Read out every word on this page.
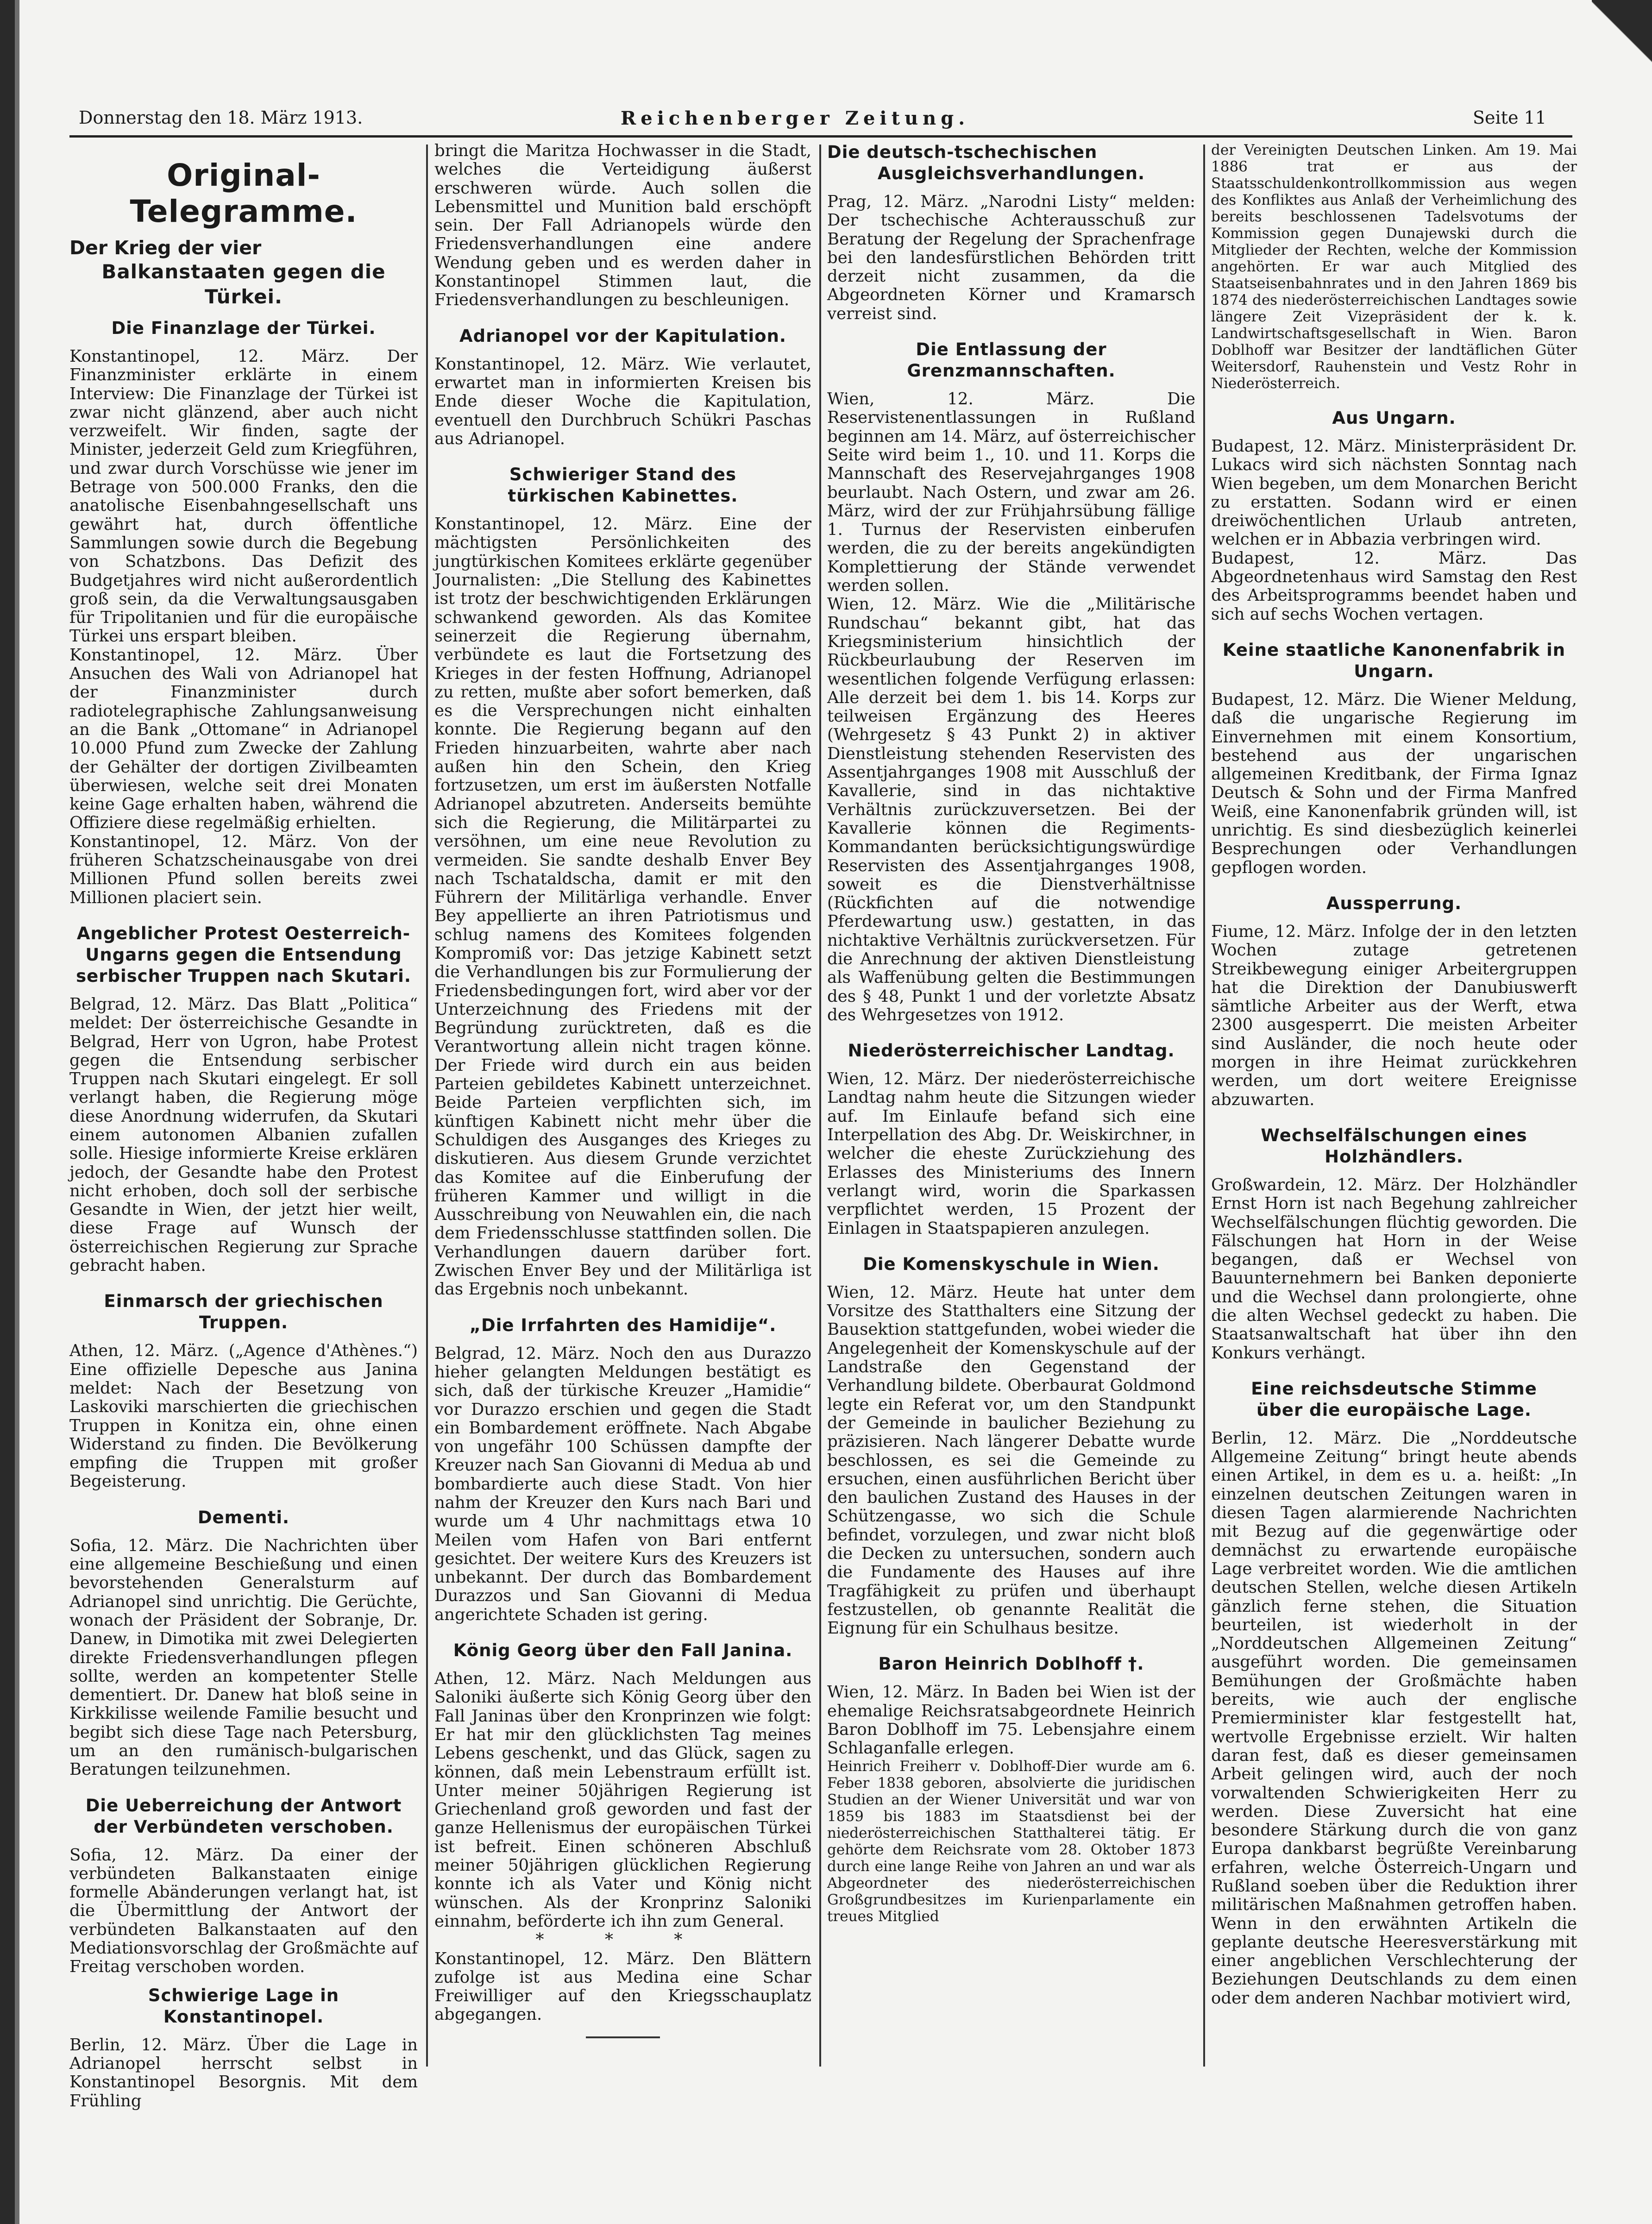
Donnerstag den 18. März 1913.	Reichenberger Zeitung.	Seite 11

Original-Telegramme.

Der Krieg der vier

Balkanstaaten gegen die Türkei.

Die Finanzlage der Türkei.

Konstantinopel, 12. März. Der Finanzminister erklärte in einem Interview: Die Finanzlage der Türkei ist zwar nicht glänzend, aber auch nicht verzweifelt. Wir finden, sagte der Minister, jederzeit Geld zum Kriegführen, und zwar durch Vorschüsse wie jener im Betrage von 500.000 Franks, den die anatolische Eisenbahngesellschaft uns gewährt hat, durch öffentliche Sammlungen sowie durch die Begebung von Schatzbons. Das Defizit des Budgetjahres wird nicht außerordentlich groß sein, da die Verwaltungsausgaben für Tripolitanien und für die europäische Türkei uns erspart bleiben.

Konstantinopel, 12. März. Über Ansuchen des Wali von Adrianopel hat der Finanzminister durch radiotelegraphische Zahlungsanweisung an die Bank „Ottomane“ in Adrianopel 10.000 Pfund zum Zwecke der Zahlung der Gehälter der dortigen Zivilbeamten überwiesen, welche seit drei Monaten keine Gage erhalten haben, während die Offiziere diese regelmäßig erhielten.

Konstantinopel, 12. März. Von der früheren Schatzscheinausgabe von drei Millionen Pfund sollen bereits zwei Millionen placiert sein.

Angeblicher Protest Oesterreich-Ungarns gegen die Entsendung serbischer Truppen nach Skutari.

Belgrad, 12. März. Das Blatt „Politica“ meldet: Der österreichische Gesandte in Belgrad, Herr von Ugron, habe Protest gegen die Entsendung serbischer Truppen nach Skutari eingelegt. Er soll verlangt haben, die Regierung möge diese Anordnung widerrufen, da Skutari einem autonomen Albanien zufallen solle. Hiesige informierte Kreise erklären jedoch, der Gesandte habe den Protest nicht erhoben, doch soll der serbische Gesandte in Wien, der jetzt hier weilt, diese Frage auf Wunsch der österreichischen Regierung zur Sprache gebracht haben.

Einmarsch der griechischen Truppen.

Athen, 12. März. („Agence d'Athènes.“) Eine offizielle Depesche aus Janina meldet: Nach der Besetzung von Laskoviki marschierten die griechischen Truppen in Konitza ein, ohne einen Widerstand zu finden. Die Bevölkerung empfing die Truppen mit großer Begeisterung.

Dementi.

Sofia, 12. März. Die Nachrichten über eine allgemeine Beschießung und einen bevorstehenden Generalsturm auf Adrianopel sind unrichtig. Die Gerüchte, wonach der Präsident der Sobranje, Dr. Danew, in Dimotika mit zwei Delegierten direkte Friedensverhandlungen pflegen sollte, werden an kompetenter Stelle dementiert. Dr. Danew hat bloß seine in Kirkkilisse weilende Familie besucht und begibt sich diese Tage nach Petersburg, um an den rumänisch-bulgarischen Beratungen teilzunehmen.

Die Ueberreichung der Antwort

der Verbündeten verschoben.

Sofia, 12. März. Da einer der verbündeten Balkanstaaten einige formelle Abänderungen verlangt hat, ist die Übermittlung der Antwort der verbündeten Balkanstaaten auf den Mediationsvorschlag der Großmächte auf Freitag verschoben worden.

Schwierige Lage in Konstantinopel.

Berlin, 12. März. Über die Lage in Adrianopel herrscht selbst in Konstantinopel Besorgnis. Mit dem Frühling

bringt die Maritza Hochwasser in die Stadt, welches die Verteidigung äußerst erschweren würde. Auch sollen die Lebensmittel und Munition bald erschöpft sein. Der Fall Adrianopels würde den Friedensverhandlungen eine andere Wendung geben und es werden daher in Konstantinopel Stimmen laut, die Friedensverhandlungen zu beschleunigen.

Adrianopel vor der Kapitulation.

Konstantinopel, 12. März. Wie verlautet, erwartet man in informierten Kreisen bis Ende dieser Woche die Kapitulation, eventuell den Durchbruch Schükri Paschas aus Adrianopel.

Schwieriger Stand des

türkischen Kabinettes.

Konstantinopel, 12. März. Eine der mächtigsten Persönlichkeiten des jungtürkischen Komitees erklärte gegenüber Journalisten: „Die Stellung des Kabinettes ist trotz der beschwichtigenden Erklärungen schwankend geworden. Als das Komitee seinerzeit die Regierung übernahm, verbündete es laut die Fortsetzung des Krieges in der festen Hoffnung, Adrianopel zu retten, mußte aber sofort bemerken, daß es die Versprechungen nicht einhalten konnte. Die Regierung begann auf den Frieden hinzuarbeiten, wahrte aber nach außen hin den Schein, den Krieg fortzusetzen, um erst im äußersten Notfalle Adrianopel abzutreten. Anderseits bemühte sich die Regierung, die Militärpartei zu versöhnen, um eine neue Revolution zu vermeiden. Sie sandte deshalb Enver Bey nach Tschataldscha, damit er mit den Führern der Militärliga verhandle. Enver Bey appellierte an ihren Patriotismus und schlug namens des Komitees folgenden Kompromiß vor: Das jetzige Kabinett setzt die Verhandlungen bis zur Formulierung der Friedensbedingungen fort, wird aber vor der Unterzeichnung des Friedens mit der Begründung zurücktreten, daß es die Verantwortung allein nicht tragen könne. Der Friede wird durch ein aus beiden Parteien gebildetes Kabinett unterzeichnet. Beide Parteien verpflichten sich, im künftigen Kabinett nicht mehr über die Schuldigen des Ausganges des Krieges zu diskutieren. Aus diesem Grunde verzichtet das Komitee auf die Einberufung der früheren Kammer und willigt in die Ausschreibung von Neuwahlen ein, die nach dem Friedensschlusse stattfinden sollen. Die Verhandlungen dauern darüber fort. Zwischen Enver Bey und der Militärliga ist das Ergebnis noch unbekannt.

„Die Irrfahrten des Hamidije“.

Belgrad, 12. März. Noch den aus Durazzo hieher gelangten Meldungen bestätigt es sich, daß der türkische Kreuzer „Hamidie“ vor Durazzo erschien und gegen die Stadt ein Bombardement eröffnete. Nach Abgabe von ungefähr 100 Schüssen dampfte der Kreuzer nach San Giovanni di Medua ab und bombardierte auch diese Stadt. Von hier nahm der Kreuzer den Kurs nach Bari und wurde um 4 Uhr nachmittags etwa 10 Meilen vom Hafen von Bari entfernt gesichtet. Der weitere Kurs des Kreuzers ist unbekannt. Der durch das Bombardement Durazzos und San Giovanni di Medua angerichtete Schaden ist gering.

König Georg über den Fall Janina.

Athen, 12. März. Nach Meldungen aus Saloniki äußerte sich König Georg über den Fall Janinas über den Kronprinzen wie folgt: Er hat mir den glücklichsten Tag meines Lebens geschenkt, und das Glück, sagen zu können, daß mein Lebenstraum erfüllt ist. Unter meiner 50jährigen Regierung ist Griechenland groß geworden und fast der ganze Hellenismus der europäischen Türkei ist befreit. Einen schöneren Abschluß meiner 50jährigen glücklichen Regierung konnte ich als Vater und König nicht wünschen. Als der Kronprinz Saloniki einnahm, beförderte ich ihn zum General.

* * *

Konstantinopel, 12. März. Den Blättern zufolge ist aus Medina eine Schar Freiwilliger auf den Kriegsschauplatz abgegangen.

Die deutsch-tschechischen

Ausgleichsverhandlungen.

Prag, 12. März. „Narodni Listy“ melden: Der tschechische Achterausschuß zur Beratung der Regelung der Sprachenfrage bei den landesfürstlichen Behörden tritt derzeit nicht zusammen, da die Abgeordneten Körner und Kramarsch verreist sind.

Die Entlassung der Grenzmannschaften.

Wien, 12. März. Die Reservistenentlassungen in Rußland beginnen am 14. März, auf österreichischer Seite wird beim 1., 10. und 11. Korps die Mannschaft des Reservejahrganges 1908 beurlaubt. Nach Ostern, und zwar am 26. März, wird der zur Frühjahrsübung fällige 1. Turnus der Reservisten einberufen werden, die zu der bereits angekündigten Komplettierung der Stände verwendet werden sollen.

Wien, 12. März. Wie die „Militärische Rundschau“ bekannt gibt, hat das Kriegsministerium hinsichtlich der Rückbeurlaubung der Reserven im wesentlichen folgende Verfügung erlassen: Alle derzeit bei dem 1. bis 14. Korps zur teilweisen Ergänzung des Heeres (Wehrgesetz § 43 Punkt 2) in aktiver Dienstleistung stehenden Reservisten des Assentjahrganges 1908 mit Ausschluß der Kavallerie, sind in das nichtaktive Verhältnis zurückzuversetzen. Bei der Kavallerie können die Regiments-Kommandanten berücksichtigungswürdige Reservisten des Assentjahrganges 1908, soweit es die Dienstverhältnisse (Rückfichten auf die notwendige Pferdewartung usw.) gestatten, in das nichtaktive Verhältnis zurückversetzen. Für die Anrechnung der aktiven Dienstleistung als Waffenübung gelten die Bestimmungen des § 48, Punkt 1 und der vorletzte Absatz des Wehrgesetzes von 1912.

Niederösterreichischer Landtag.

Wien, 12. März. Der niederösterreichische Landtag nahm heute die Sitzungen wieder auf. Im Einlaufe befand sich eine Interpellation des Abg. Dr. Weiskirchner, in welcher die eheste Zurückziehung des Erlasses des Ministeriums des Innern verlangt wird, worin die Sparkassen verpflichtet werden, 15 Prozent der Einlagen in Staatspapieren anzulegen.

Die Komenskyschule in Wien.

Wien, 12. März. Heute hat unter dem Vorsitze des Statthalters eine Sitzung der Bausektion stattgefunden, wobei wieder die Angelegenheit der Komenskyschule auf der Landstraße den Gegenstand der Verhandlung bildete. Oberbaurat Goldmond legte ein Referat vor, um den Standpunkt der Gemeinde in baulicher Beziehung zu präzisieren. Nach längerer Debatte wurde beschlossen, es sei die Gemeinde zu ersuchen, einen ausführlichen Bericht über den baulichen Zustand des Hauses in der Schützengasse, wo sich die Schule befindet, vorzulegen, und zwar nicht bloß die Decken zu untersuchen, sondern auch die Fundamente des Hauses auf ihre Tragfähigkeit zu prüfen und überhaupt festzustellen, ob genannte Realität die Eignung für ein Schulhaus besitze.

Baron Heinrich Doblhoff †.

Wien, 12. März. In Baden bei Wien ist der ehemalige Reichsratsabgeordnete Heinrich Baron Doblhoff im 75. Lebensjahre einem Schlaganfalle erlegen.

Heinrich Freiherr v. Doblhoff-Dier wurde am 6. Feber 1838 geboren, absolvierte die juridischen Studien an der Wiener Universität und war von 1859 bis 1883 im Staatsdienst bei der niederösterreichischen Statthalterei tätig. Er gehörte dem Reichsrate vom 28. Oktober 1873 durch eine lange Reihe von Jahren an und war als Abgeordneter des niederösterreichischen Großgrundbesitzes im Kurienparlamente ein treues Mitglied

der Vereinigten Deutschen Linken. Am 19. Mai 1886 trat er aus der Staatsschuldenkontrollkommission aus wegen des Konfliktes aus Anlaß der Verheimlichung des bereits beschlossenen Tadelsvotums der Kommission gegen Dunajewski durch die Mitglieder der Rechten, welche der Kommission angehörten. Er war auch Mitglied des Staatseisenbahnrates und in den Jahren 1869 bis 1874 des niederösterreichischen Landtages sowie längere Zeit Vizepräsident der k. k. Landwirtschaftsgesellschaft in Wien. Baron Doblhoff war Besitzer der landtäflichen Güter Weitersdorf, Rauhenstein und Vestz Rohr in Niederösterreich.

Aus Ungarn.

Budapest, 12. März. Ministerpräsident Dr. Lukacs wird sich nächsten Sonntag nach Wien begeben, um dem Monarchen Bericht zu erstatten. Sodann wird er einen dreiwöchentlichen Urlaub antreten, welchen er in Abbazia verbringen wird.

Budapest, 12. März. Das Abgeordnetenhaus wird Samstag den Rest des Arbeitsprogramms beendet haben und sich auf sechs Wochen vertagen.

Keine staatliche Kanonenfabrik in Ungarn.

Budapest, 12. März. Die Wiener Meldung, daß die ungarische Regierung im Einvernehmen mit einem Konsortium, bestehend aus der ungarischen allgemeinen Kreditbank, der Firma Ignaz Deutsch & Sohn und der Firma Manfred Weiß, eine Kanonenfabrik gründen will, ist unrichtig. Es sind diesbezüglich keinerlei Besprechungen oder Verhandlungen gepflogen worden.

Aussperrung.

Fiume, 12. März. Infolge der in den letzten Wochen zutage getretenen Streikbewegung einiger Arbeitergruppen hat die Direktion der Danubiuswerft sämtliche Arbeiter aus der Werft, etwa 2300 ausgesperrt. Die meisten Arbeiter sind Ausländer, die noch heute oder morgen in ihre Heimat zurückkehren werden, um dort weitere Ereignisse abzuwarten.

Wechselfälschungen eines Holzhändlers.

Großwardein, 12. März. Der Holzhändler Ernst Horn ist nach Begehung zahlreicher Wechselfälschungen flüchtig geworden. Die Fälschungen hat Horn in der Weise begangen, daß er Wechsel von Bauunternehmern bei Banken deponierte und die Wechsel dann prolongierte, ohne die alten Wechsel gedeckt zu haben. Die Staatsanwaltschaft hat über ihn den Konkurs verhängt.

Eine reichsdeutsche Stimme

über die europäische Lage.

Berlin, 12. März. Die „Norddeutsche Allgemeine Zeitung“ bringt heute abends einen Artikel, in dem es u. a. heißt: „In einzelnen deutschen Zeitungen waren in diesen Tagen alarmierende Nachrichten mit Bezug auf die gegenwärtige oder demnächst zu erwartende europäische Lage verbreitet worden. Wie die amtlichen deutschen Stellen, welche diesen Artikeln gänzlich ferne stehen, die Situation beurteilen, ist wiederholt in der „Norddeutschen Allgemeinen Zeitung“ ausgeführt worden. Die gemeinsamen Bemühungen der Großmächte haben bereits, wie auch der englische Premierminister klar festgestellt hat, wertvolle Ergebnisse erzielt. Wir halten daran fest, daß es dieser gemeinsamen Arbeit gelingen wird, auch der noch vorwaltenden Schwierigkeiten Herr zu werden. Diese Zuversicht hat eine besondere Stärkung durch die von ganz Europa dankbarst begrüßte Vereinbarung erfahren, welche Österreich-Ungarn und Rußland soeben über die Reduktion ihrer militärischen Maßnahmen getroffen haben. Wenn in den erwähnten Artikeln die geplante deutsche Heeresverstärkung mit einer angeblichen Verschlechterung der Beziehungen Deutschlands zu dem einen oder dem anderen Nachbar motiviert wird,
